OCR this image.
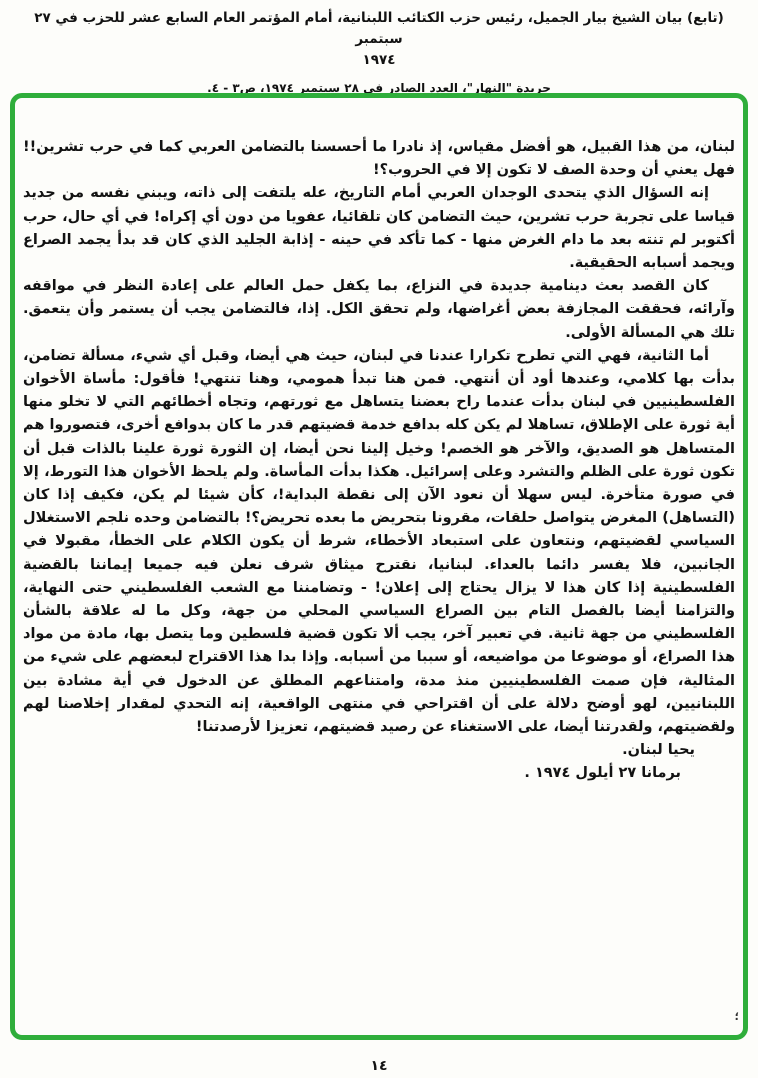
(تابع) بيان الشيخ بيار الجميل، رئيس حزب الكتائب اللبنانية، أمام المؤتمر العام السابع عشر للحزب في ٢٧ سبتمبر
١٩٧٤
جريدة "النهار"، العدد الصادر في ٢٨ سبتمبر ١٩٧٤، ص٣ - ٤.

لبنان، من هذا القبيل، هو أفضل مقياس، إذ نادرا ما أحسسنا بالتضامن العربي كما في حرب تشرين!! فهل يعني أن وحدة الصف لا تكون إلا في الحروب؟!

إنه السؤال الذي يتحدى الوجدان العربي أمام التاريخ، عله يلتفت إلى ذاته، ويبني نفسه من جديد قياسا على تجربة حرب تشرين، حيث التضامن كان تلقائيا، عفويا من دون أي إكراه! في أي حال، حرب أكتوبر لم تنته بعد ما دام الغرض منها - كما تأكد في حينه - إذابة الجليد الذي كان قد بدأ يجمد الصراع ويجمد أسبابه الحقيقية.

كان القصد بعث دينامية جديدة في النزاع، بما يكفل حمل العالم على إعادة النظر في مواقفه وآرائه، فحققت المجازفة بعض أغراضها، ولم تحقق الكل. إذا، فالتضامن يجب أن يستمر وأن يتعمق. تلك هي المسألة الأولى.

أما الثانية، فهي التي تطرح تكرارا عندنا في لبنان، حيث هي أيضا، وقبل أي شيء، مسألة تضامن، بدأت بها كلامي، وعندها أود أن أنتهي. فمن هنا تبدأ همومي، وهنا تنتهي! فأقول: مأساة الأخوان الفلسطينيين في لبنان بدأت عندما راح بعضنا يتساهل مع ثورتهم، وتجاه أخطائهم التي لا تخلو منها أية ثورة على الإطلاق، تساهلا لم يكن كله بدافع خدمة قضيتهم قدر ما كان بدوافع أخرى، فتصوروا هم المتساهل هو الصديق، والآخر هو الخصم! وخيل إلينا نحن أيضا، إن الثورة ثورة علينا بالذات قبل أن تكون ثورة على الظلم والتشرد وعلى إسرائيل. هكذا بدأت المأساة. ولم يلحظ الأخوان هذا التورط، إلا في صورة متأخرة. ليس سهلا أن نعود الآن إلى نقطة البداية!، كأن شيئا لم يكن، فكيف إذا كان (التساهل) المغرض يتواصل حلقات، مقرونا بتحريض ما بعده تحريض؟! بالتضامن وحده نلجم الاستغلال السياسي لقضيتهم، ونتعاون على استبعاد الأخطاء، شرط أن يكون الكلام على الخطأ، مقبولا في الجانبين، فلا يفسر دائما بالعداء. لبنانيا، نقترح ميثاق شرف نعلن فيه جميعا إيماننا بالقضية الفلسطينية إذا كان هذا لا يزال يحتاج إلى إعلان! - وتضامننا مع الشعب الفلسطيني حتى النهاية، والتزامنا أيضا بالفصل التام بين الصراع السياسي المحلي من جهة، وكل ما له علاقة بالشأن الفلسطيني من جهة ثانية. في تعبير آخر، يجب ألا تكون قضية فلسطين وما يتصل بها، مادة من مواد هذا الصراع، أو موضوعا من مواضيعه، أو سببا من أسبابه. وإذا بدا هذا الاقتراح لبعضهم على شيء من المثالية، فإن صمت الفلسطينيين منذ مدة، وامتناعهم المطلق عن الدخول في أية مشادة بين اللبنانيين، لهو أوضح دلالة على أن اقتراحي في منتهى الواقعية، إنه التحدي لمقدار إخلاصنا لهم ولقضيتهم، ولقدرتنا أيضا، على الاستغناء عن رصيد قضيتهم، تعزيزا لأرصدتنا!

يحيا لبنان.

برمانا ٢٧ أيلول ١٩٧٤ .

؛
١٤
